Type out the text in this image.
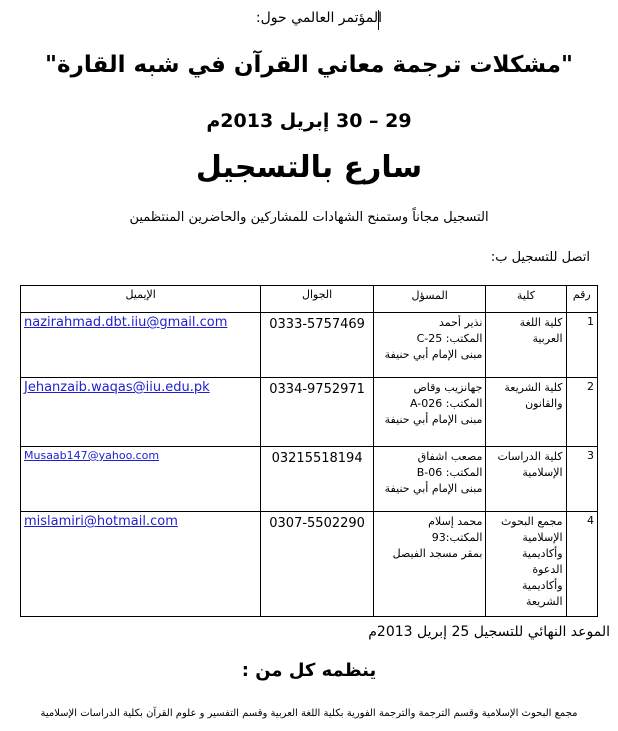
المؤتمر العالمي حول:
"مشكلات ترجمة معاني القرآن في شبه القارة"
29 – 30 إبريل 2013م
سارع بالتسجيل
التسجيل مجاناً وستمنح الشهادات للمشاركين والحاضرين المنتظمين
اتصل للتسجيل ب:
الإيميل	الجوال	المسؤل	كلية	رقم
nazirahmad.dbt.iiu@gmail.com	0333-5757469	نذير أحمد
المكتب: C-25
مبنى الإمام أبي حنيفة	كلية اللغة العربية	1
Jehanzaib.waqas@iiu.edu.pk	0334-9752971	جهانزيب وقاص
المكتب: A-026
مبنى الإمام أبي حنيفة	كلية الشريعة والقانون	2
Musaab147@yahoo.com	03215518194	مصعب اشفاق
المكتب: B-06
مبنى الإمام أبي حنيفة	كلية الدراسات الإسلامية	3
mislamiri@hotmail.com	0307-5502290	محمد إسلام
المكتب:93
بمقر مسجد الفيصل	مجمع البحوث الإسلامية وأكاديمية الدعوة وأكاديمية الشريعة	4
الموعد النهائي للتسجيل 25 إبريل 2013م
ينظمه كل من :
مجمع البحوث الإسلامية وقسم الترجمة والترجمة الفورية بكلية اللغة العربية وقسم التفسير و علوم القرآن بكلية الدراسات الإسلامية
